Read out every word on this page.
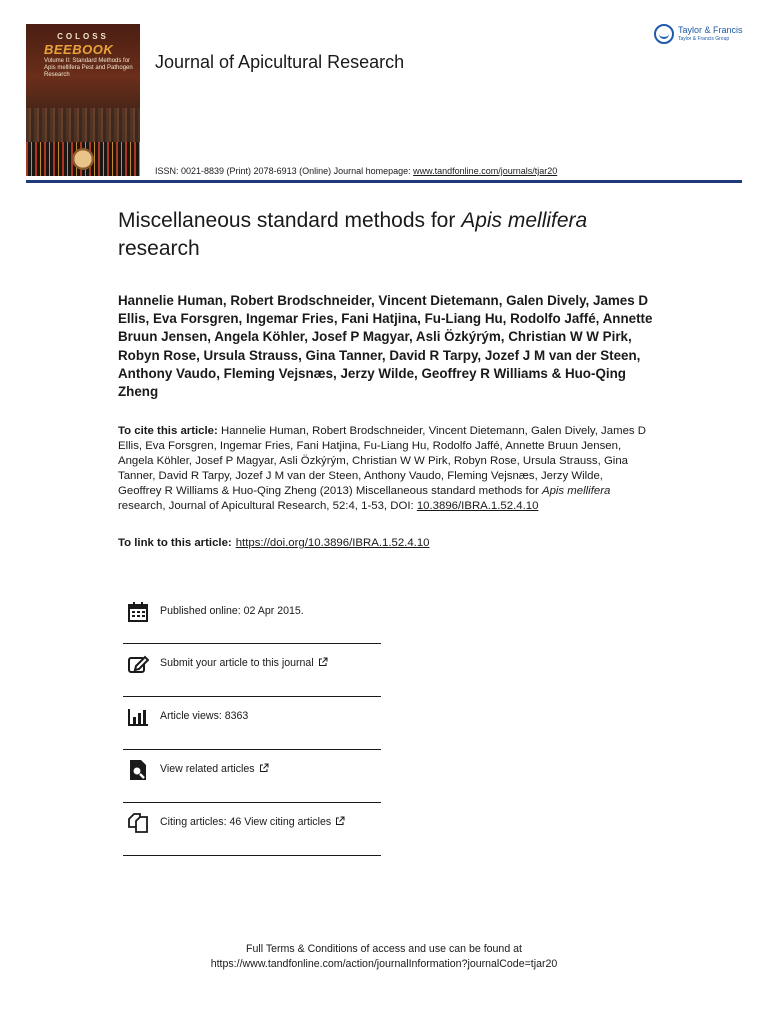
COLOSS
BEEBOOK
Volume II: Standard Methods for Apis mellifera Pest and Pathogen Research
Journal of Apicultural Research
Taylor & Francis
Taylor & Francis Group
ISSN: 0021-8839 (Print) 2078-6913 (Online) Journal homepage: www.tandfonline.com/journals/tjar20
Miscellaneous standard methods for Apis mellifera
research
Hannelie Human, Robert Brodschneider, Vincent Dietemann, Galen Dively, James D Ellis, Eva Forsgren, Ingemar Fries, Fani Hatjina, Fu-Liang Hu, Rodolfo Jaffé, Annette Bruun Jensen, Angela Köhler, Josef P Magyar, Asli Özkýrým, Christian W W Pirk, Robyn Rose, Ursula Strauss, Gina Tanner, David R Tarpy, Jozef J M van der Steen, Anthony Vaudo, Fleming Vejsnæs, Jerzy Wilde, Geoffrey R Williams & Huo-Qing Zheng
To cite this article: Hannelie Human, Robert Brodschneider, Vincent Dietemann, Galen Dively, James D Ellis, Eva Forsgren, Ingemar Fries, Fani Hatjina, Fu-Liang Hu, Rodolfo Jaffé, Annette Bruun Jensen, Angela Köhler, Josef P Magyar, Asli Özkýrým, Christian W W Pirk, Robyn Rose, Ursula Strauss, Gina Tanner, David R Tarpy, Jozef J M van der Steen, Anthony Vaudo, Fleming Vejsnæs, Jerzy Wilde, Geoffrey R Williams & Huo-Qing Zheng (2013) Miscellaneous standard methods for Apis mellifera research, Journal of Apicultural Research, 52:4, 1-53, DOI: 10.3896/IBRA.1.52.4.10
To link to this article: https://doi.org/10.3896/IBRA.1.52.4.10
Published online: 02 Apr 2015.
Submit your article to this journal
Article views: 8363
View related articles
Citing articles: 46 View citing articles
Full Terms & Conditions of access and use can be found at
https://www.tandfonline.com/action/journalInformation?journalCode=tjar20
